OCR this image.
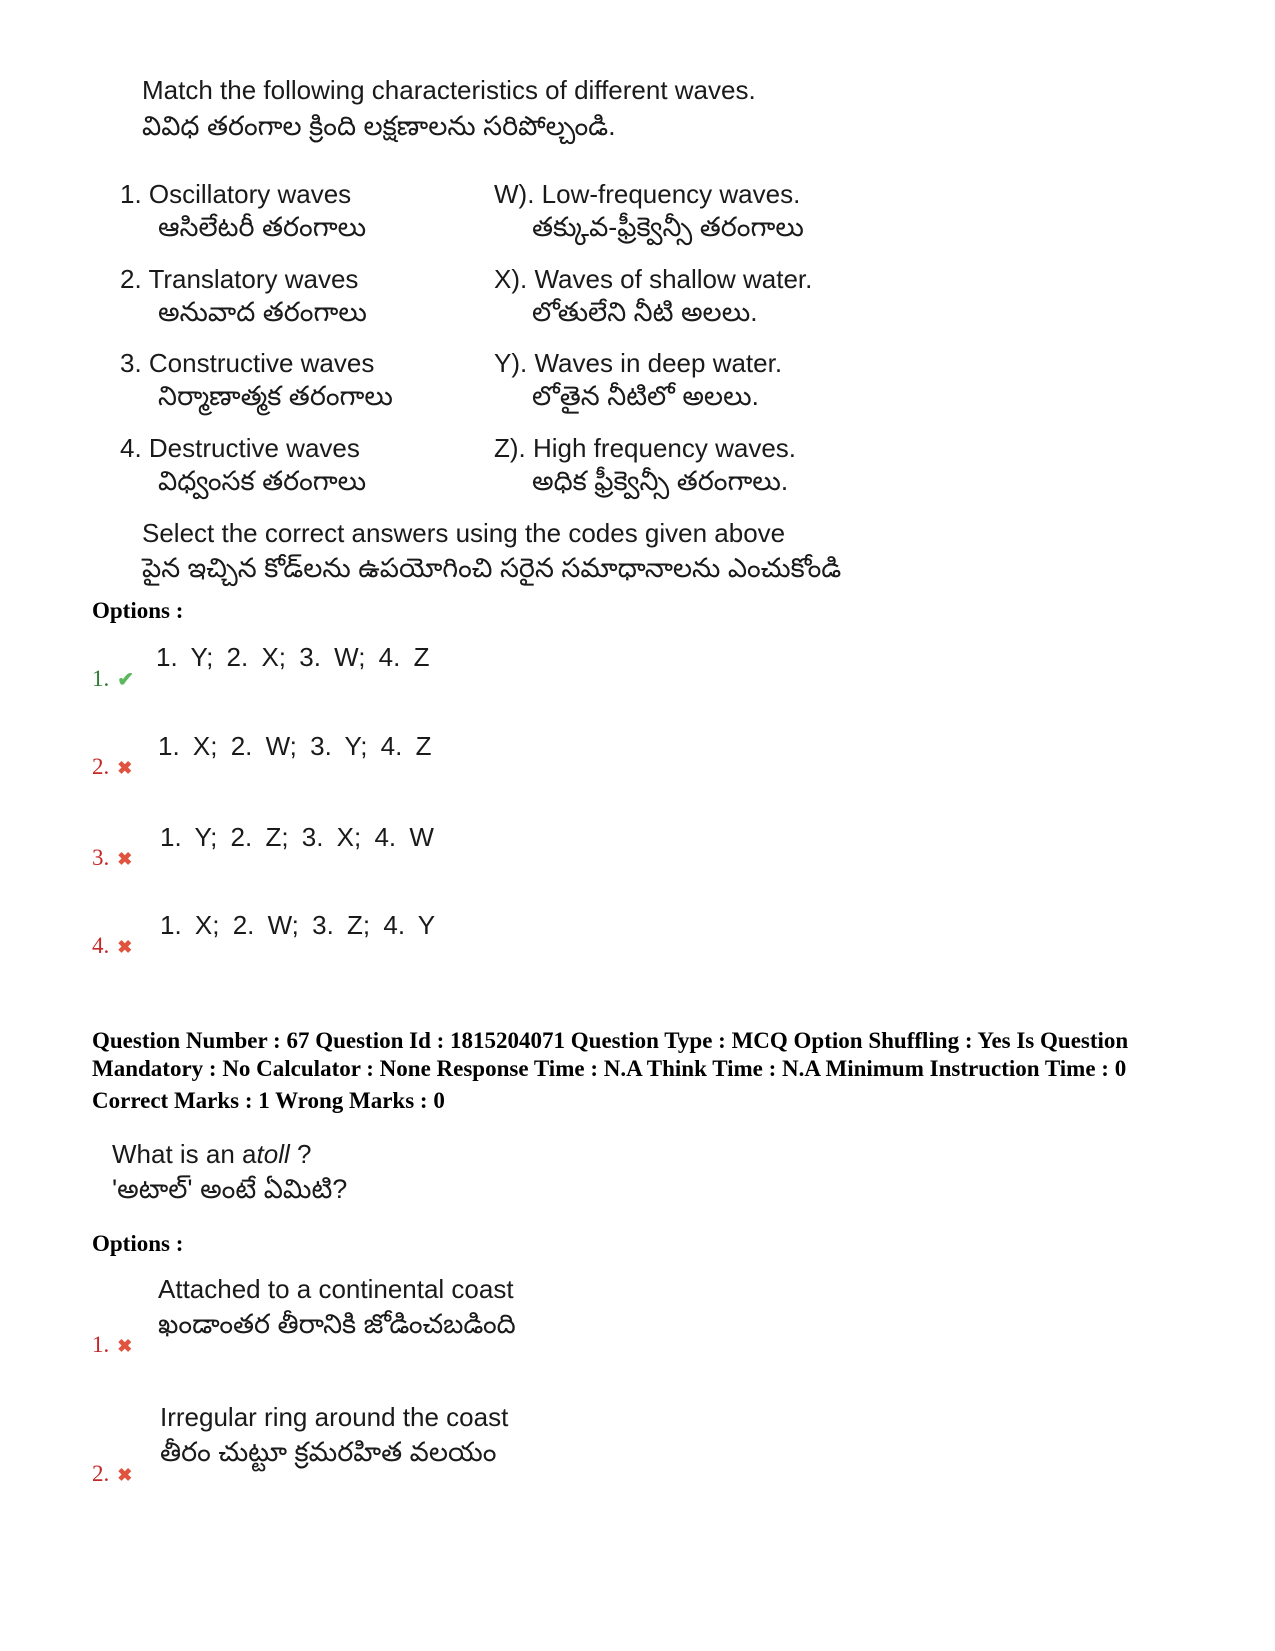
Match the following characteristics of different waves.
వివిధ తరంగాల క్రింది లక్షణాలను సరిపోల్చండి.
1. Oscillatory waves
ఆసిలేటరీ తరంగాలు
2. Translatory waves
అనువాద తరంగాలు
3. Constructive waves
నిర్మాణాత్మక తరంగాలు
4. Destructive waves
విధ్వంసక తరంగాలు
W). Low-frequency waves.
తక్కువ-ఫ్రీక్వెన్సీ తరంగాలు
X). Waves of shallow water.
లోతులేని నీటి అలలు.
Y). Waves in deep water.
లోతైన నీటిలో అలలు.
Z). High frequency waves.
అధిక ఫ్రీక్వెన్సీ తరంగాలు.
Select the correct answers using the codes given above
పైన ఇచ్చిన కోడ్‌లను ఉపయోగించి సరైన సమాధానాలను ఎంచుకోండి
Options :
1. ✔
1. Y; 2. X; 3. W; 4. Z
2. ✖
1. X; 2. W; 3. Y; 4. Z
3. ✖
1. Y; 2. Z; 3. X; 4. W
4. ✖
1. X; 2. W; 3. Z; 4. Y
Question Number : 67 Question Id : 1815204071 Question Type : MCQ Option Shuffling : Yes Is Question
Mandatory : No Calculator : None Response Time : N.A Think Time : N.A Minimum Instruction Time : 0
Correct Marks : 1 Wrong Marks : 0
What is an atoll ?
'అటాల్' అంటే ఏమిటి?
Options :
Attached to a continental coast
ఖండాంతర తీరానికి జోడించబడింది
1. ✖
Irregular ring around the coast
తీరం చుట్టూ క్రమరహిత వలయం
2. ✖
